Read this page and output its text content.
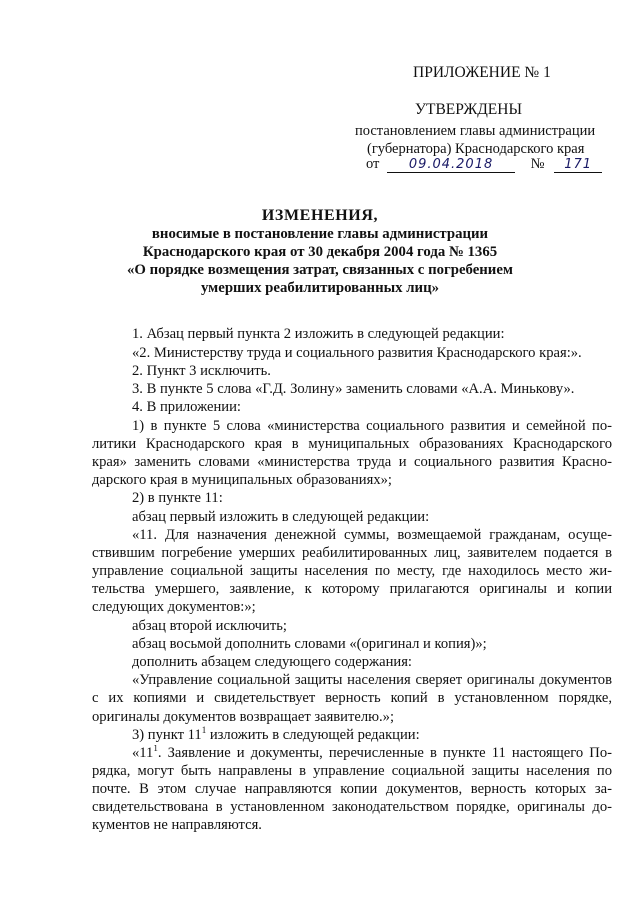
ПРИЛОЖЕНИЕ № 1
УТВЕРЖДЕНЫ
постановлением главы администрации
(губернатора) Краснодарского края
от 09.04.2018	№ 171
ИЗМЕНЕНИЯ,
вносимые в постановление главы администрации
Краснодарского края от 30 декабря 2004 года № 1365
«О порядке возмещения затрат, связанных с погребением
умерших реабилитированных лиц»
1. Абзац первый пункта 2 изложить в следующей редакции:
«2. Министерству труда и социального развития Краснодарского края:».
2. Пункт 3 исключить.
3. В пункте 5 слова «Г.Д. Золину» заменить словами «А.А. Минькову».
4. В приложении:
1) в пункте 5 слова «министерства социального развития и семейной по-
литики Краснодарского края в муниципальных образованиях Краснодарского
края» заменить словами «министерства труда и социального развития Красно-
дарского края в муниципальных образованиях»;
2) в пункте 11:
абзац первый изложить в следующей редакции:
«11. Для назначения денежной суммы, возмещаемой гражданам, осуще-
ствившим погребение умерших реабилитированных лиц, заявителем подается в
управление социальной защиты населения по месту, где находилось место жи-
тельства умершего, заявление, к которому прилагаются оригиналы и копии
следующих документов:»;
абзац второй исключить;
абзац восьмой дополнить словами «(оригинал и копия)»;
дополнить абзацем следующего содержания:
«Управление социальной защиты населения сверяет оригиналы документов
с их копиями и свидетельствует верность копий в установленном порядке,
оригиналы документов возвращает заявителю.»;
3) пункт $11^1$ изложить в следующей редакции:
«$11^1$. Заявление и документы, перечисленные в пункте 11 настоящего По-
рядка, могут быть направлены в управление социальной защиты населения по
почте. В этом случае направляются копии документов, верность которых за-
свидетельствована в установленном законодательством порядке, оригиналы до-
кументов не направляются.
